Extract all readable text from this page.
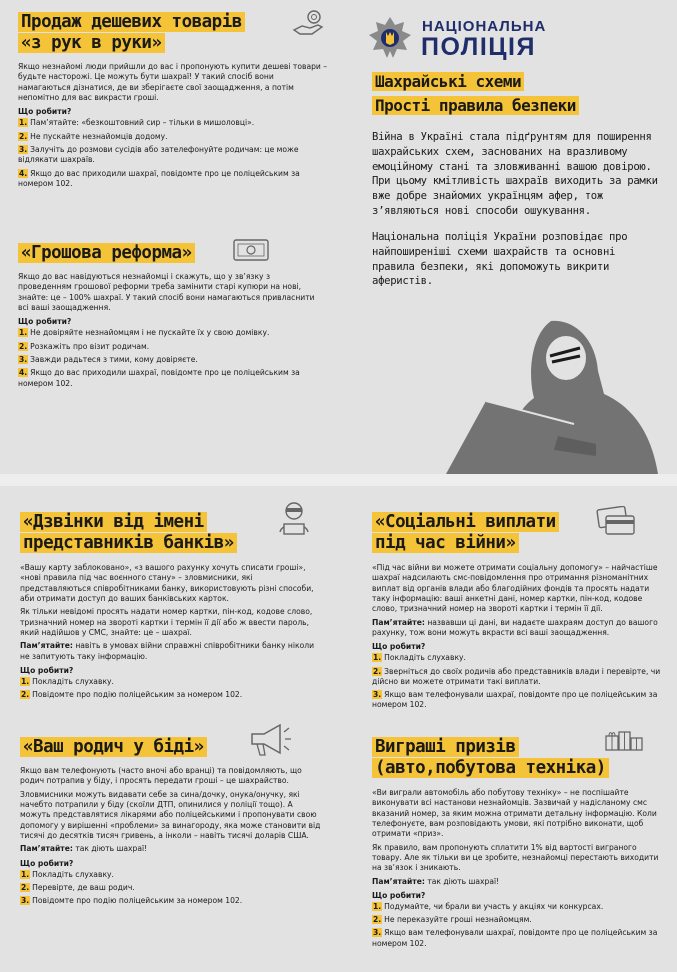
Продаж дешевих товарів
«з рук в руки»

Якщо незнайомі люди прийшли до вас і пропонують купити дешеві товари – будьте насторожі. Це можуть бути шахраї! У такий спосіб вони намагаються дізнатися, де ви зберігаєте свої заощадження, а потім непомітно для вас викрасти гроші.

Що робити?

1. Пам’ятайте: «безкоштовний сир – тільки в мишоловці».

2. Не пускайте незнайомців додому.

3. Залучіть до розмови сусідів або зателефонуйте родичам: це може відлякати шахраїв.

4. Якщо до вас приходили шахраї, повідомте про це поліцейським за номером 102.

«Грошова реформа»

Якщо до вас навідуються незнайомці і скажуть, що у зв’язку з проведенням грошової реформи треба замінити старі купюри на нові, знайте: це – 100% шахраї. У такий спосіб вони намагаються привласнити всі ваші заощадження.

Що робити?

1. Не довіряйте незнайомцям і не пускайте їх у свою домівку.

2. Розкажіть про візит родичам.

3. Завжди радьтеся з тими, кому довіряєте.

4. Якщо до вас приходили шахраї, повідомте про це поліцейським за номером 102.

НАЦІОНАЛЬНА
ПОЛІЦІЯ
Шахрайські схеми
Прості правила безпеки

Війна в Україні стала підґрунтям для поширення шахрайських схем, заснованих на вразливому емоційному стані та зловживанні вашою довірою. При цьому кмітливість шахраїв виходить за рамки вже добре знайомих українцям афер, тож з’являються нові способи ошукування.

Національна поліція України розповідає про найпоширеніші схеми шахрайств та основні правила безпеки, які допоможуть викрити аферистів.

«Дзвінки від імені
представників банків»

«Вашу карту заблоковано», «з вашого рахунку хочуть списати гроші», «нові правила під час воєнного стану» – зловмисники, які представляються співробітниками банку, використовують різні способи, аби отримати доступ до ваших банківських карток.

Як тільки невідомі просять надати номер картки, пін-код, кодове слово, тризначний номер на звороті картки і термін її дії або ж ввести пароль, який надійшов у СМС, знайте: це – шахраї.

Пам’ятайте: навіть в умовах війни справжні співробітники банку ніколи не запитують таку інформацію.

Що робити?

1. Покладіть слухавку.

2. Повідомте про подію поліцейським за номером 102.

«Ваш родич у біді»

Якщо вам телефонують (часто вночі або вранці) та повідомляють, що родич потрапив у біду, і просять передати гроші – це шахрайство.

Зловмисники можуть видавати себе за сина/дочку, онука/онучку, які начебто потрапили у біду (скоїли ДТП, опинилися у поліції тощо). А можуть представлятися лікарями або поліцейськими і пропонувати свою допомогу у вирішенні «проблеми» за винагороду, яка може становити від тисячі до десятків тисяч гривень, а інколи – навіть тисячі доларів США.

Пам’ятайте: так діють шахраї!

Що робити?

1. Покладіть слухавку.

2. Перевірте, де ваш родич.

3. Повідомте про подію поліцейським за номером 102.

«Соціальні виплати
під час війни»

«Під час війни ви можете отримати соціальну допомогу» – найчастіше шахраї надсилають смс-повідомлення про отримання різноманітних виплат від органів влади або благодійних фондів та просять надати таку інформацію: ваші анкетні дані, номер картки, пін-код, кодове слово, тризначний номер на звороті картки і термін її дії.

Пам’ятайте: назвавши ці дані, ви надаєте шахраям доступ до вашого рахунку, тож вони можуть вкрасти всі ваші заощадження.

Що робити?

1. Покладіть слухавку.

2. Зверніться до своїх родичів або представників влади і перевірте, чи дійсно ви можете отримати такі виплати.

3. Якщо вам телефонували шахраї, повідомте про це поліцейським за номером 102.

Виграші призів
(авто,побутова техніка)

«Ви виграли автомобіль або побутову техніку» – не поспішайте виконувати всі настанови незнайомців. Зазвичай у надісланому смс вказаний номер, за яким можна отримати детальну інформацію. Коли телефонуєте, вам розповідають умови, які потрібно виконати, щоб отримати «приз».

Як правило, вам пропонують сплатити 1% від вартості виграного товару. Але як тільки ви це зробите, незнайомці перестають виходити на зв’язок і зникають.

Пам’ятайте: так діють шахраї!

Що робити?

1. Подумайте, чи брали ви участь у акціях чи конкурсах.

2. Не переказуйте гроші незнайомцям.

3. Якщо вам телефонували шахраї, повідомте про це поліцейським за номером 102.
